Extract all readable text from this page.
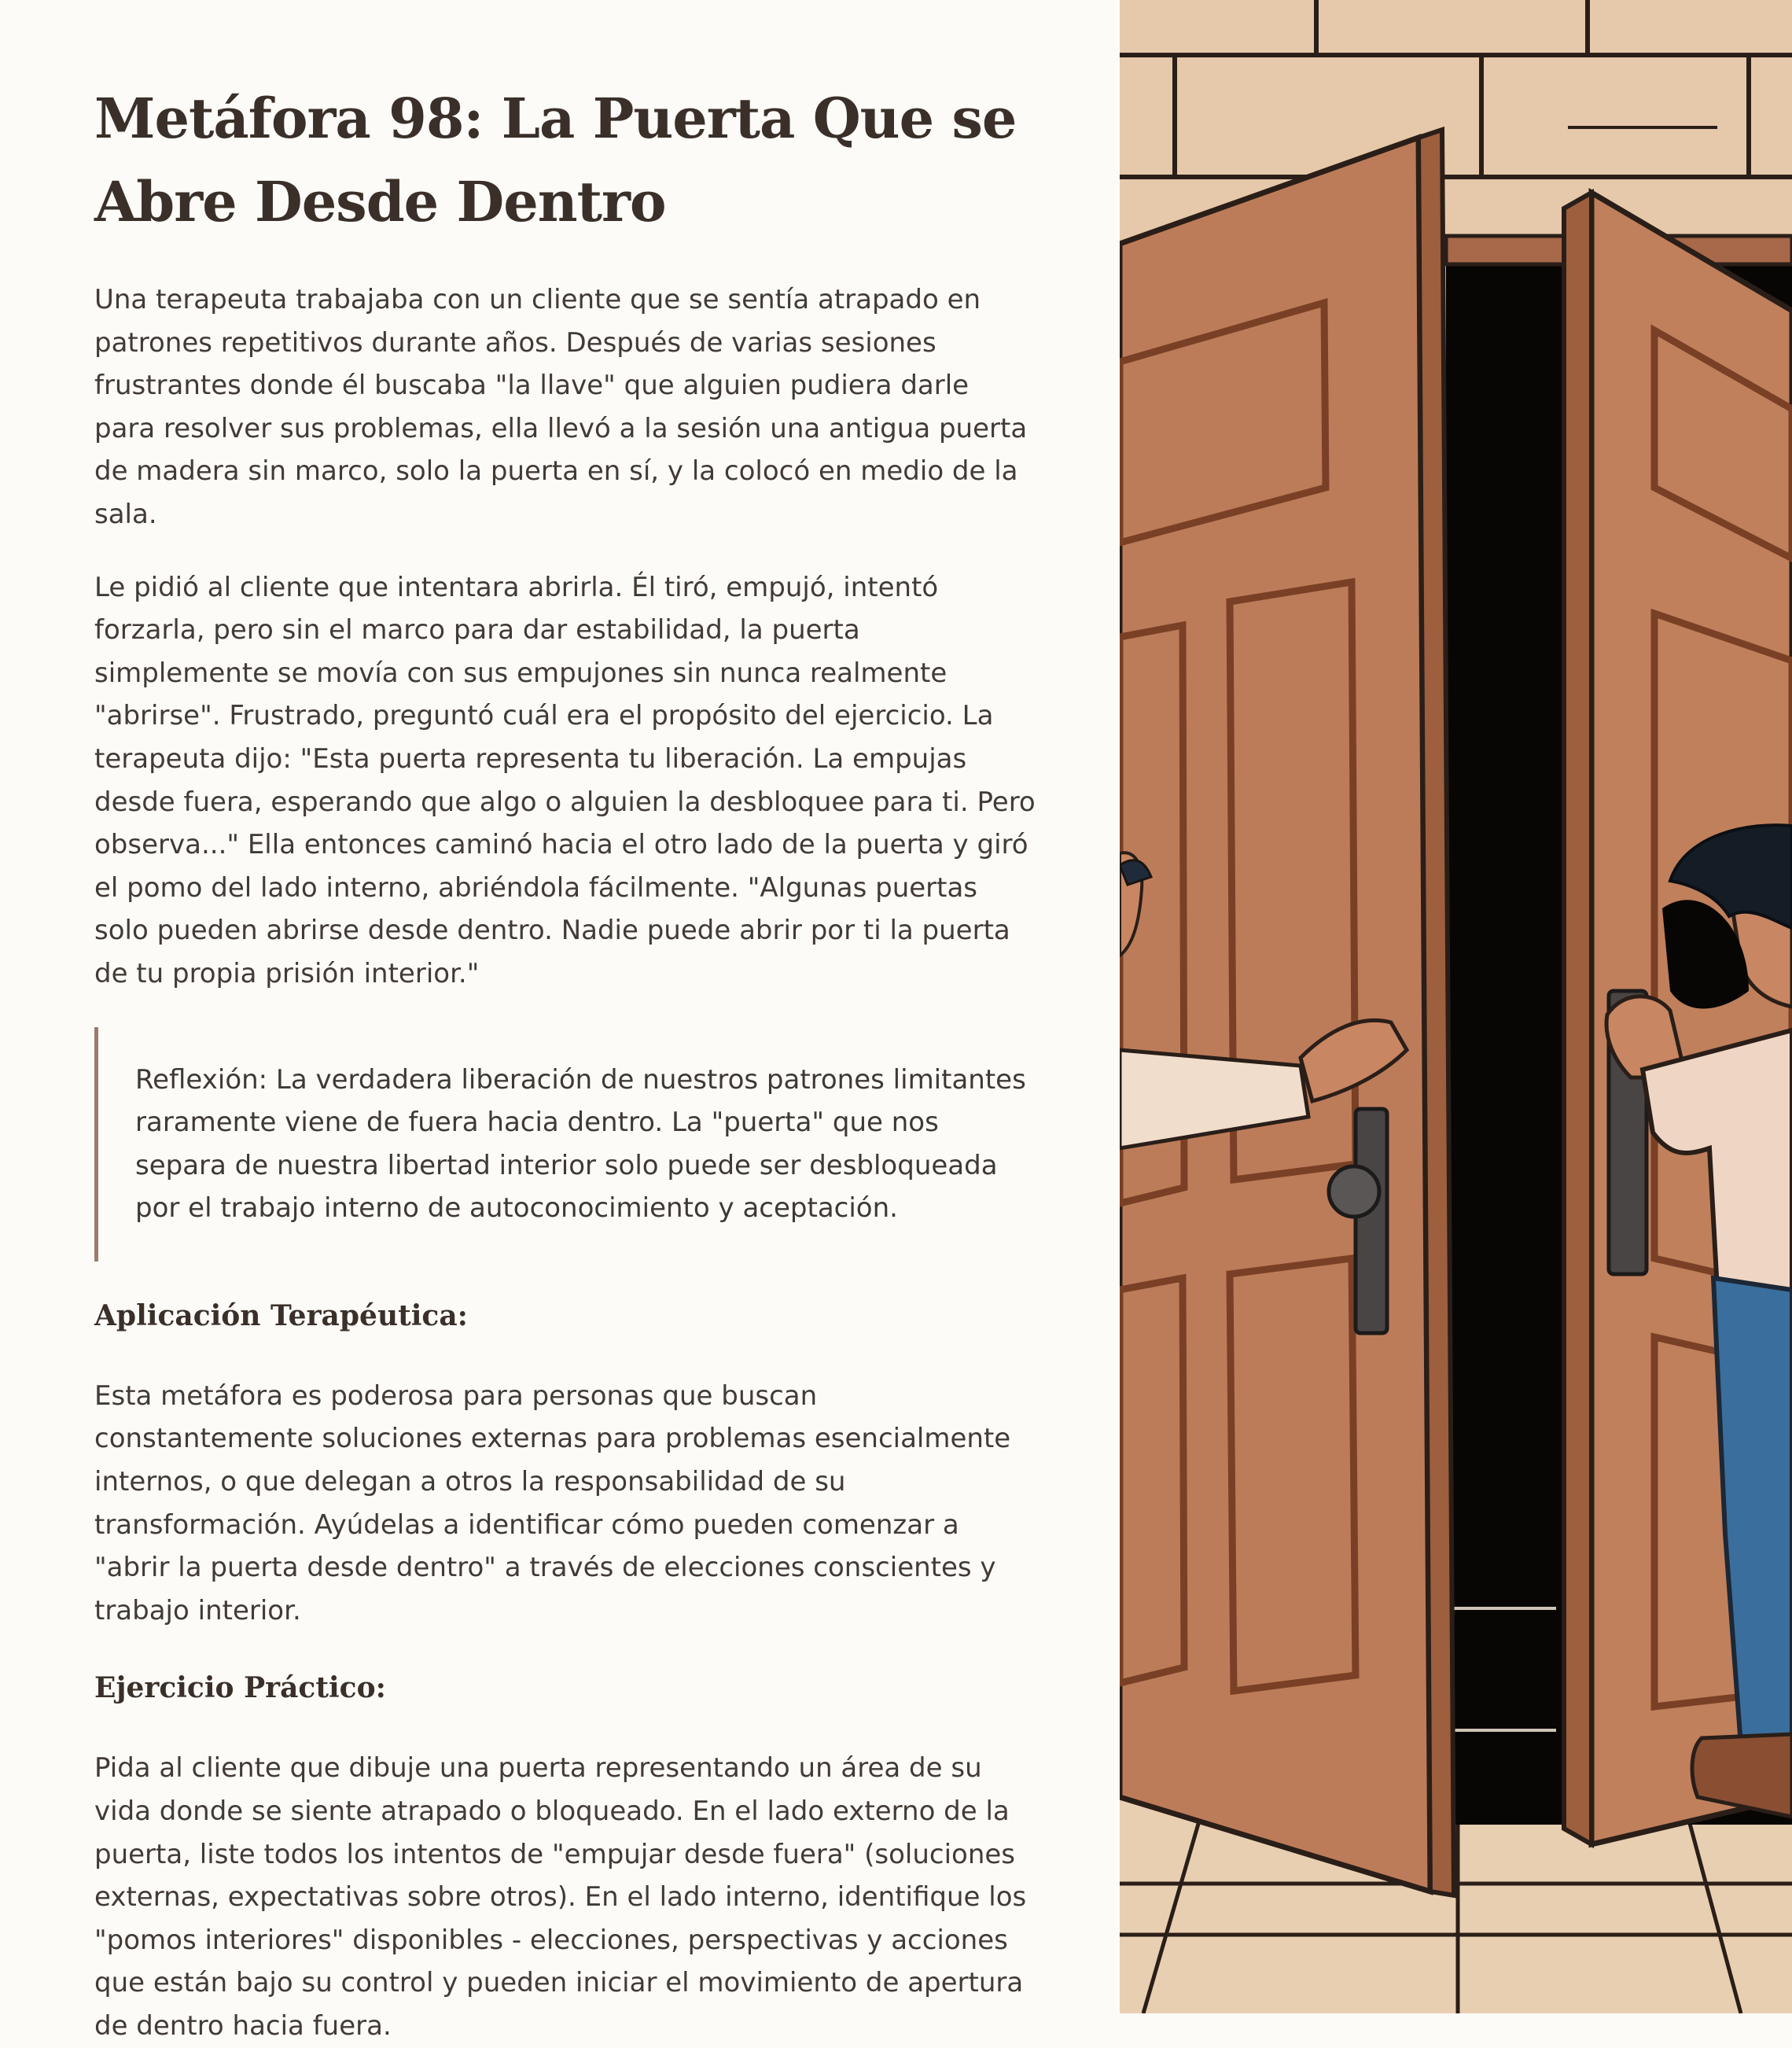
Metáfora 98: La Puerta Que se Abre Desde Dentro

Una terapeuta trabajaba con un cliente que se sentía atrapado en patrones repetitivos durante años. Después de varias sesiones frustrantes donde él buscaba "la llave" que alguien pudiera darle para resolver sus problemas, ella llevó a la sesión una antigua puerta de madera sin marco, solo la puerta en sí, y la colocó en medio de la sala.

Le pidió al cliente que intentara abrirla. Él tiró, empujó, intentó forzarla, pero sin el marco para dar estabilidad, la puerta simplemente se movía con sus empujones sin nunca realmente "abrirse". Frustrado, preguntó cuál era el propósito del ejercicio. La terapeuta dijo: "Esta puerta representa tu liberación. La empujas desde fuera, esperando que algo o alguien la desbloquee para ti. Pero observa..." Ella entonces caminó hacia el otro lado de la puerta y giró el pomo del lado interno, abriéndola fácilmente. "Algunas puertas solo pueden abrirse desde dentro. Nadie puede abrir por ti la puerta de tu propia prisión interior."

Reflexión: La verdadera liberación de nuestros patrones limitantes raramente viene de fuera hacia dentro. La "puerta" que nos separa de nuestra libertad interior solo puede ser desbloqueada por el trabajo interno de autoconocimiento y aceptación.

Aplicación Terapéutica:

Esta metáfora es poderosa para personas que buscan constantemente soluciones externas para problemas esencialmente internos, o que delegan a otros la responsabilidad de su transformación. Ayúdelas a identificar cómo pueden comenzar a "abrir la puerta desde dentro" a través de elecciones conscientes y trabajo interior.

Ejercicio Práctico:

Pida al cliente que dibuje una puerta representando un área de su vida donde se siente atrapado o bloqueado. En el lado externo de la puerta, liste todos los intentos de "empujar desde fuera" (soluciones externas, expectativas sobre otros). En el lado interno, identifique los "pomos interiores" disponibles - elecciones, perspectivas y acciones que están bajo su control y pueden iniciar el movimiento de apertura de dentro hacia fuera.
